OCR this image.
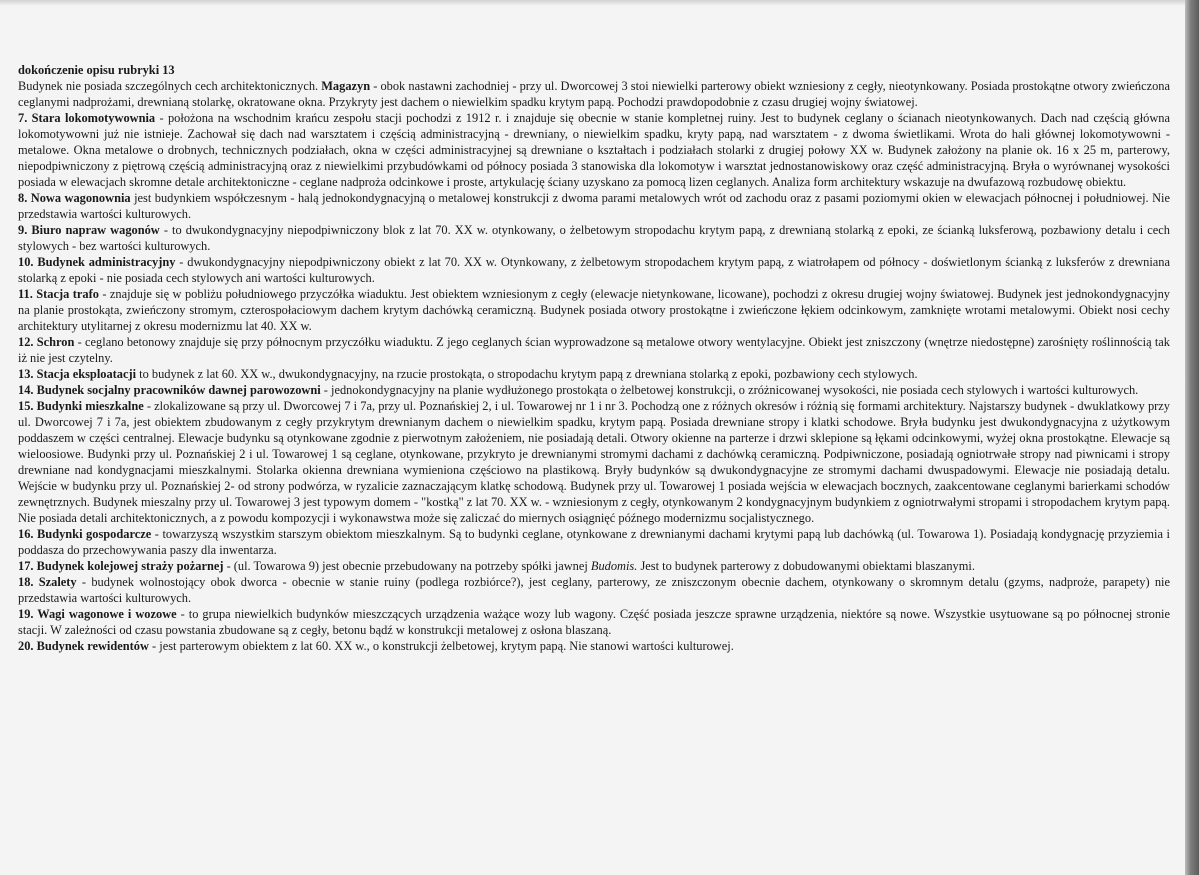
dokończenie opisu rubryki 13

Budynek nie posiada szczególnych cech architektonicznych. Magazyn - obok nastawni zachodniej - przy ul. Dworcowej 3 stoi niewielki parterowy obiekt wzniesiony z cegły, nieotynkowany. Posiada prostokątne otwory zwieńczona ceglanymi nadprożami, drewnianą stolarkę, okratowane okna. Przykryty jest dachem o niewielkim spadku krytym papą. Pochodzi prawdopodobnie z czasu drugiej wojny światowej.

7. Stara lokomotywownia - położona na wschodnim krańcu zespołu stacji pochodzi z 1912 r. i znajduje się obecnie w stanie kompletnej ruiny. Jest to budynek ceglany o ścianach nieotynkowanych. Dach nad częścią główna lokomotywowni już nie istnieje. Zachował się dach nad warsztatem i częścią administracyjną - drewniany, o niewielkim spadku, kryty papą, nad warsztatem - z dwoma świetlikami. Wrota do hali głównej lokomotywowni - metalowe. Okna metalowe o drobnych, technicznych podziałach, okna w części administracyjnej są drewniane o kształtach i podziałach stolarki z drugiej połowy XX w. Budynek założony na planie ok. 16 x 25 m, parterowy, niepodpiwniczony z piętrową częścią administracyjną oraz z niewielkimi przybudówkami od północy posiada 3 stanowiska dla lokomotyw i warsztat jednostanowiskowy oraz część administracyjną. Bryła o wyrównanej wysokości posiada w elewacjach skromne detale architektoniczne - ceglane nadproża odcinkowe i proste, artykulację ściany uzyskano za pomocą lizen ceglanych. Analiza form architektury wskazuje na dwufazową rozbudowę obiektu.

8. Nowa wagonownia jest budynkiem współczesnym - halą jednokondygnacyjną o metalowej konstrukcji z dwoma parami metalowych wrót od zachodu oraz z pasami poziomymi okien w elewacjach północnej i południowej. Nie przedstawia wartości kulturowych.

9. Biuro napraw wagonów - to dwukondygnacyjny niepodpiwniczony blok z lat 70. XX w. otynkowany, o żelbetowym stropodachu krytym papą, z drewnianą stolarką z epoki, ze ścianką luksferową, pozbawiony detalu i cech stylowych - bez wartości kulturowych.

10. Budynek administracyjny - dwukondygnacyjny niepodpiwniczony obiekt z lat 70. XX w. Otynkowany, z żelbetowym stropodachem krytym papą, z wiatrołapem od północy - doświetlonym ścianką z luksferów z drewniana stolarką z epoki - nie posiada cech stylowych ani wartości kulturowych.

11. Stacja trafo - znajduje się w pobliżu południowego przyczółka wiaduktu. Jest obiektem wzniesionym z cegły (elewacje nietynkowane, licowane), pochodzi z okresu drugiej wojny światowej. Budynek jest jednokondygnacyjny na planie prostokąta, zwieńczony stromym, czterospołaciowym dachem krytym dachówką ceramiczną. Budynek posiada otwory prostokątne i zwieńczone łękiem odcinkowym, zamknięte wrotami metalowymi. Obiekt nosi cechy architektury utylitarnej z okresu modernizmu lat 40. XX w.

12. Schron - ceglano betonowy znajduje się przy północnym przyczółku wiaduktu. Z jego ceglanych ścian wyprowadzone są metalowe otwory wentylacyjne. Obiekt jest zniszczony (wnętrze niedostępne) zarośnięty roślinnością tak iż nie jest czytelny.

13. Stacja eksploatacji to budynek z lat 60. XX w., dwukondygnacyjny, na rzucie prostokąta, o stropodachu krytym papą z drewniana stolarką z epoki, pozbawiony cech stylowych.

14. Budynek socjalny pracowników dawnej parowozowni - jednokondygnacyjny na planie wydłużonego prostokąta o żelbetowej konstrukcji, o zróżnicowanej wysokości, nie posiada cech stylowych i wartości kulturowych.

15. Budynki mieszkalne - zlokalizowane są przy ul. Dworcowej 7 i 7a, przy ul. Poznańskiej 2, i ul. Towarowej nr 1 i nr 3. Pochodzą one z różnych okresów i różnią się formami architektury. Najstarszy budynek - dwuklatkowy przy ul. Dworcowej 7 i 7a, jest obiektem zbudowanym z cegły przykrytym drewnianym dachem o niewielkim spadku, krytym papą. Posiada drewniane stropy i klatki schodowe. Bryła budynku jest dwukondygnacyjna z użytkowym poddaszem w części centralnej. Elewacje budynku są otynkowane zgodnie z pierwotnym założeniem, nie posiadają detali. Otwory okienne na parterze i drzwi sklepione są łękami odcinkowymi, wyżej okna prostokątne. Elewacje są wieloosiowe. Budynki przy ul. Poznańskiej 2 i ul. Towarowej 1 są ceglane, otynkowane, przykryto je drewnianymi stromymi dachami z dachówką ceramiczną. Podpiwniczone, posiadają ogniotrwałe stropy nad piwnicami i stropy drewniane nad kondygnacjami mieszkalnymi. Stolarka okienna drewniana wymieniona częściowo na plastikową. Bryły budynków są dwukondygnacyjne ze stromymi dachami dwuspadowymi. Elewacje nie posiadają detalu. Wejście w budynku przy ul. Poznańskiej 2- od strony podwórza, w ryzalicie zaznaczającym klatkę schodową. Budynek przy ul. Towarowej 1 posiada wejścia w elewacjach bocznych, zaakcentowane ceglanymi barierkami schodów zewnętrznych. Budynek mieszalny przy ul. Towarowej 3 jest typowym domem - "kostką" z lat 70. XX w. - wzniesionym z cegły, otynkowanym 2 kondygnacyjnym budynkiem z ogniotrwałymi stropami i stropodachem krytym papą. Nie posiada detali architektonicznych, a z powodu kompozycji i wykonawstwa może się zaliczać do miernych osiągnięć późnego modernizmu socjalistycznego.

16. Budynki gospodarcze - towarzyszą wszystkim starszym obiektom mieszkalnym. Są to budynki ceglane, otynkowane z drewnianymi dachami krytymi papą lub dachówką (ul. Towarowa 1). Posiadają kondygnację przyziemia i poddasza do przechowywania paszy dla inwentarza.

17. Budynek kolejowej straży pożarnej - (ul. Towarowa 9) jest obecnie przebudowany na potrzeby spółki jawnej Budomis. Jest to budynek parterowy z dobudowanymi obiektami blaszanymi.

18. Szalety - budynek wolnostojący obok dworca - obecnie w stanie ruiny (podlega rozbiórce?), jest ceglany, parterowy, ze zniszczonym obecnie dachem, otynkowany o skromnym detalu (gzyms, nadproże, parapety) nie przedstawia wartości kulturowych.

19. Wagi wagonowe i wozowe - to grupa niewielkich budynków mieszczących urządzenia ważące wozy lub wagony. Część posiada jeszcze sprawne urządzenia, niektóre są nowe. Wszystkie usytuowane są po północnej stronie stacji. W zależności od czasu powstania zbudowane są z cegły, betonu bądź w konstrukcji metalowej z osłona blaszaną.

20. Budynek rewidentów - jest parterowym obiektem z lat 60. XX w., o konstrukcji żelbetowej, krytym papą. Nie stanowi wartości kulturowej.
